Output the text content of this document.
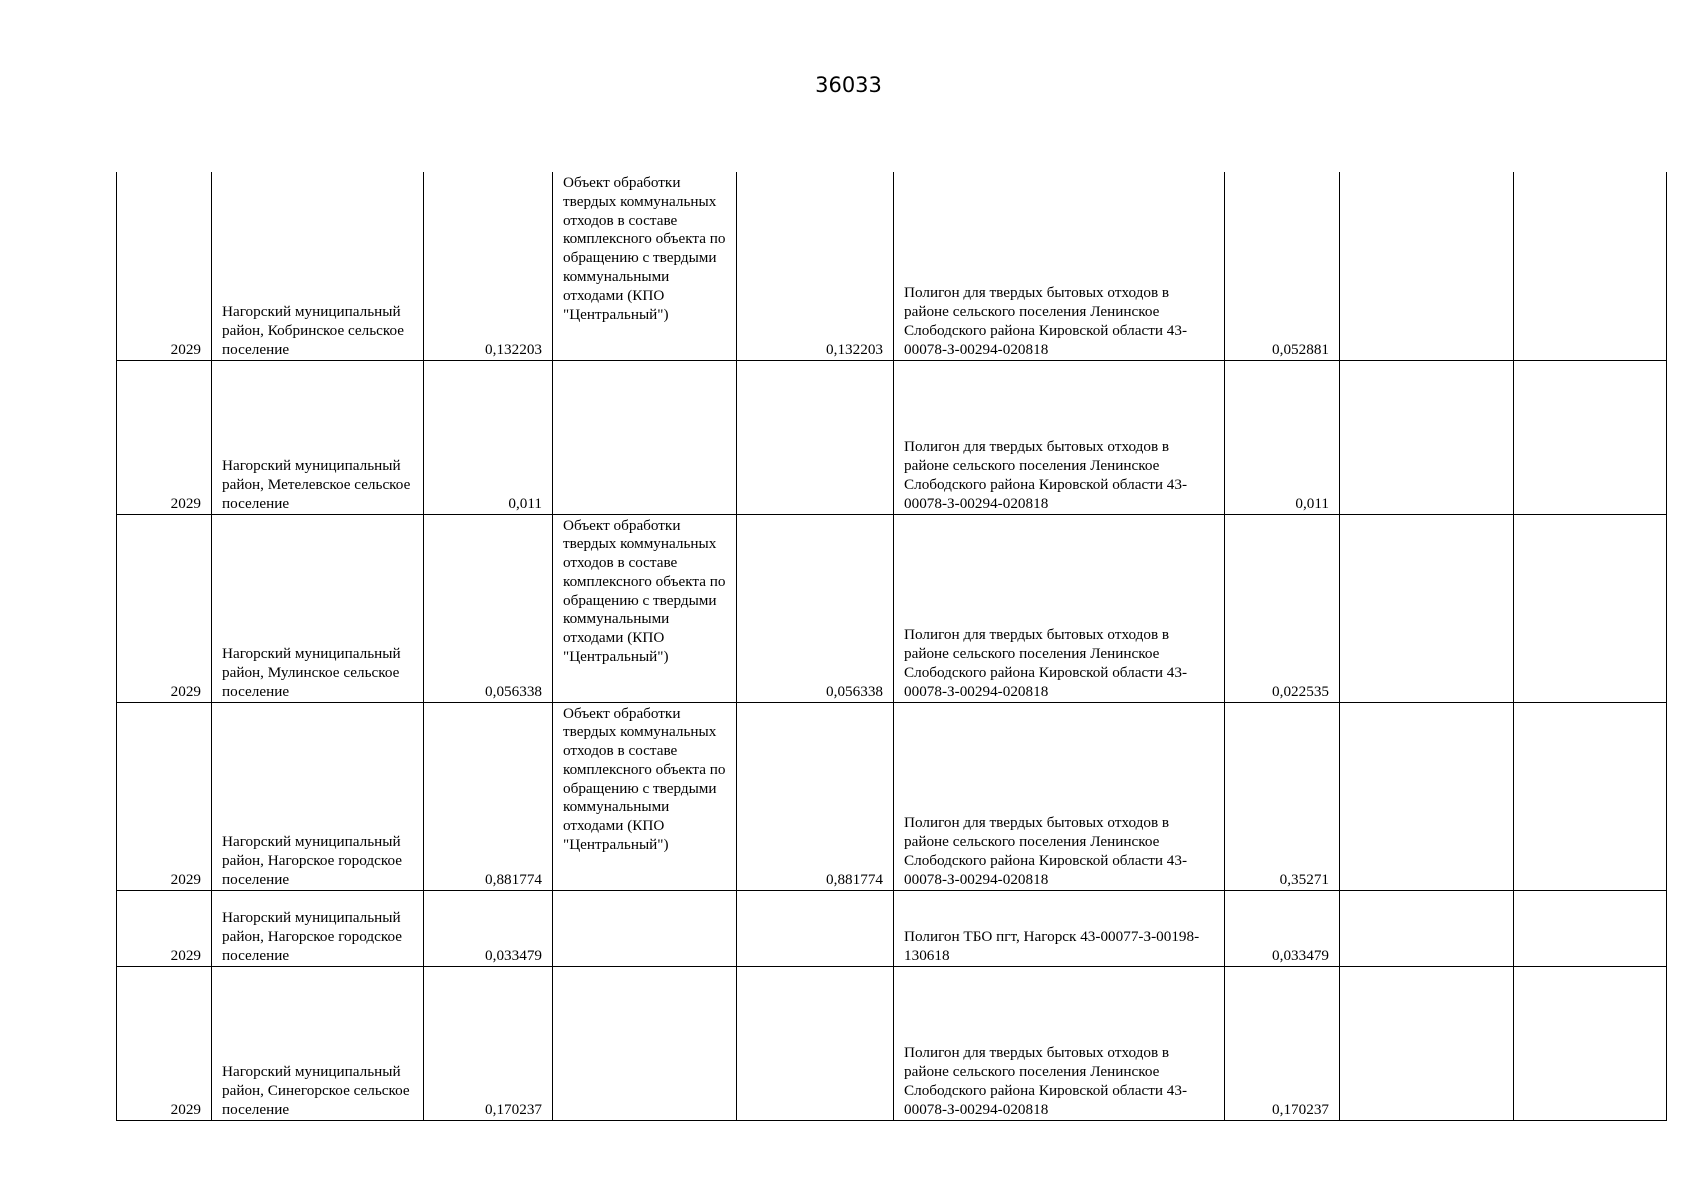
36033
2029	Нагорский муниципальный район, Кобринское сельское поселение	0,132203	Объект обработки твердых коммунальных отходов в составе комплексного объекта по обращению с твердыми коммунальными отходами (КПО "Центральный")	0,132203	Полигон для твердых бытовых отходов в районе сельского поселения Ленинское Слободского района Кировской области 43-00078-З-00294-020818	0,052881		

2029	Нагорский муниципальный район, Метелевское сельское поселение	0,011			Полигон для твердых бытовых отходов в районе сельского поселения Ленинское Слободского района Кировской области 43-00078-З-00294-020818	0,011		

2029	Нагорский муниципальный район, Мулинское сельское поселение	0,056338	Объект обработки твердых коммунальных отходов в составе комплексного объекта по обращению с твердыми коммунальными отходами (КПО "Центральный")	0,056338	Полигон для твердых бытовых отходов в районе сельского поселения Ленинское Слободского района Кировской области 43-00078-З-00294-020818	0,022535		

2029	Нагорский муниципальный район, Нагорское городское поселение	0,881774	Объект обработки твердых коммунальных отходов в составе комплексного объекта по обращению с твердыми коммунальными отходами (КПО "Центральный")	0,881774	Полигон для твердых бытовых отходов в районе сельского поселения Ленинское Слободского района Кировской области 43-00078-З-00294-020818	0,35271		

2029	Нагорский муниципальный район, Нагорское городское поселение	0,033479			Полигон ТБО пгт, Нагорск 43-00077-З-00198-130618	0,033479		

2029	Нагорский муниципальный район, Синегорское сельское поселение	0,170237			Полигон для твердых бытовых отходов в районе сельского поселения Ленинское Слободского района Кировской области 43-00078-З-00294-020818	0,170237		
